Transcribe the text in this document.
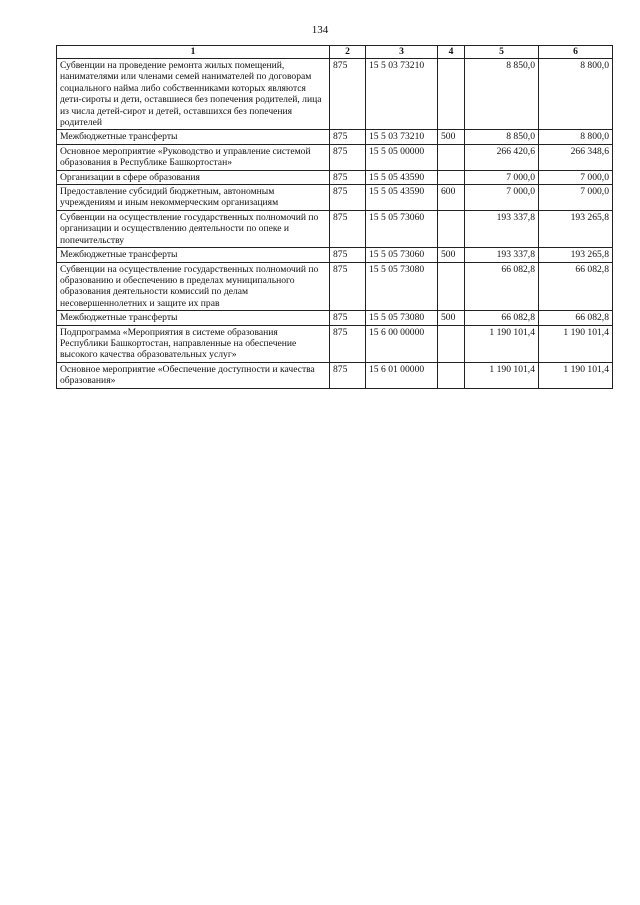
134
1	2	3	4	5	6
Субвенции на проведение ремонта жилых помещений, нанимателями или членами семей нанимателей по договорам социального найма либо собственниками которых являются дети-сироты и дети, оставшиеся без попечения родителей, лица из числа детей-сирот и детей, оставшихся без попечения родителей	875	15 5 03 73210		8 850,0	8 800,0
Межбюджетные трансферты	875	15 5 03 73210	500	8 850,0	8 800,0
Основное мероприятие «Руководство и управление системой образования в Республике Башкортостан»	875	15 5 05 00000		266 420,6	266 348,6
Организации в сфере образования	875	15 5 05 43590		7 000,0	7 000,0
Предоставление субсидий бюджетным, автономным учреждениям и иным некоммерческим организациям	875	15 5 05 43590	600	7 000,0	7 000,0
Субвенции на осуществление государственных полномочий по организации и осуществлению деятельности по опеке и попечительству	875	15 5 05 73060		193 337,8	193 265,8
Межбюджетные трансферты	875	15 5 05 73060	500	193 337,8	193 265,8
Субвенции на осуществление государственных полномочий по образованию и обеспечению в пределах муниципального образования деятельности комиссий по делам несовершеннолетних и защите их прав	875	15 5 05 73080		66 082,8	66 082,8
Межбюджетные трансферты	875	15 5 05 73080	500	66 082,8	66 082,8
Подпрограмма «Мероприятия в системе образования Республики Башкортостан, направленные на обеспечение высокого качества образовательных услуг»	875	15 6 00 00000		1 190 101,4	1 190 101,4
Основное мероприятие «Обеспечение доступности и качества образования»	875	15 6 01 00000		1 190 101,4	1 190 101,4
